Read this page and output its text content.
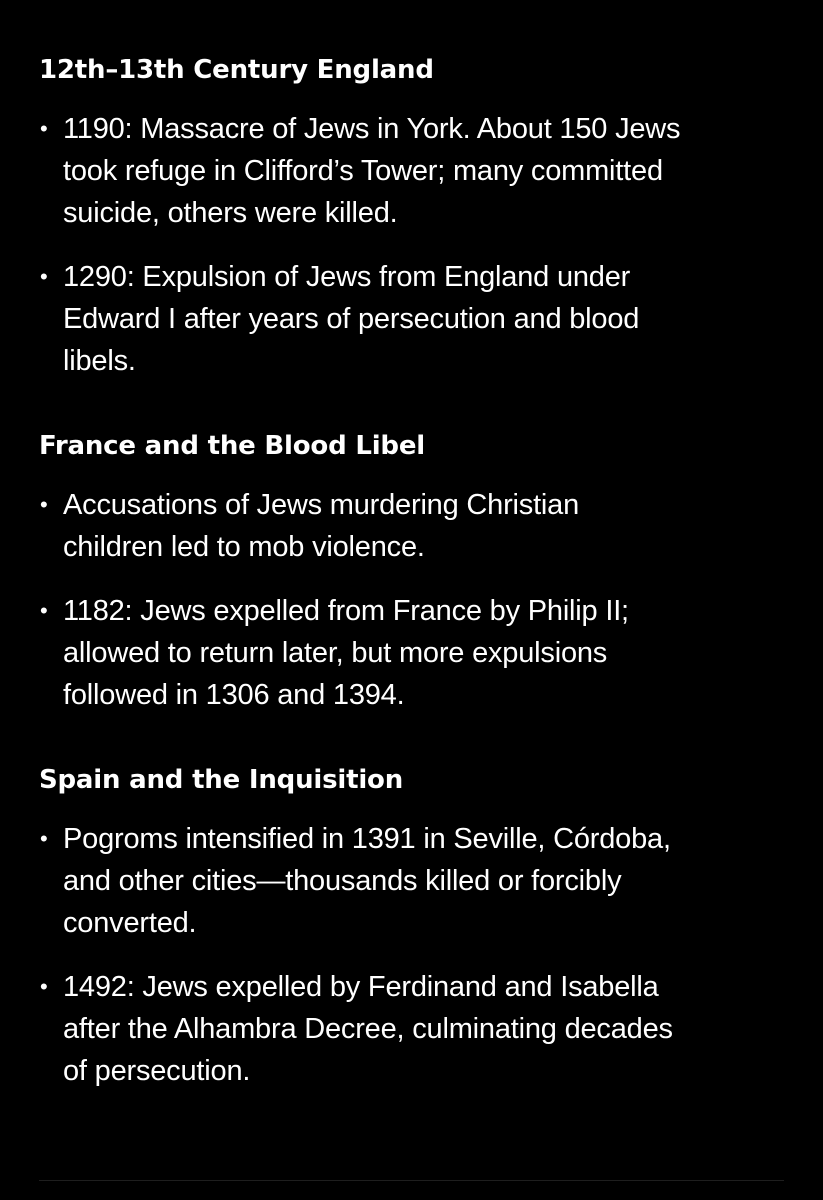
12th–13th Century England
• 1190: Massacre of Jews in York. About 150 Jews
took refuge in Clifford’s Tower; many committed
suicide, others were killed.
• 1290: Expulsion of Jews from England under
Edward I after years of persecution and blood
libels.
France and the Blood Libel
• Accusations of Jews murdering Christian
children led to mob violence.
• 1182: Jews expelled from France by Philip II;
allowed to return later, but more expulsions
followed in 1306 and 1394.
Spain and the Inquisition
• Pogroms intensified in 1391 in Seville, Córdoba,
and other cities—thousands killed or forcibly
converted.
• 1492: Jews expelled by Ferdinand and Isabella
after the Alhambra Decree, culminating decades
of persecution.
